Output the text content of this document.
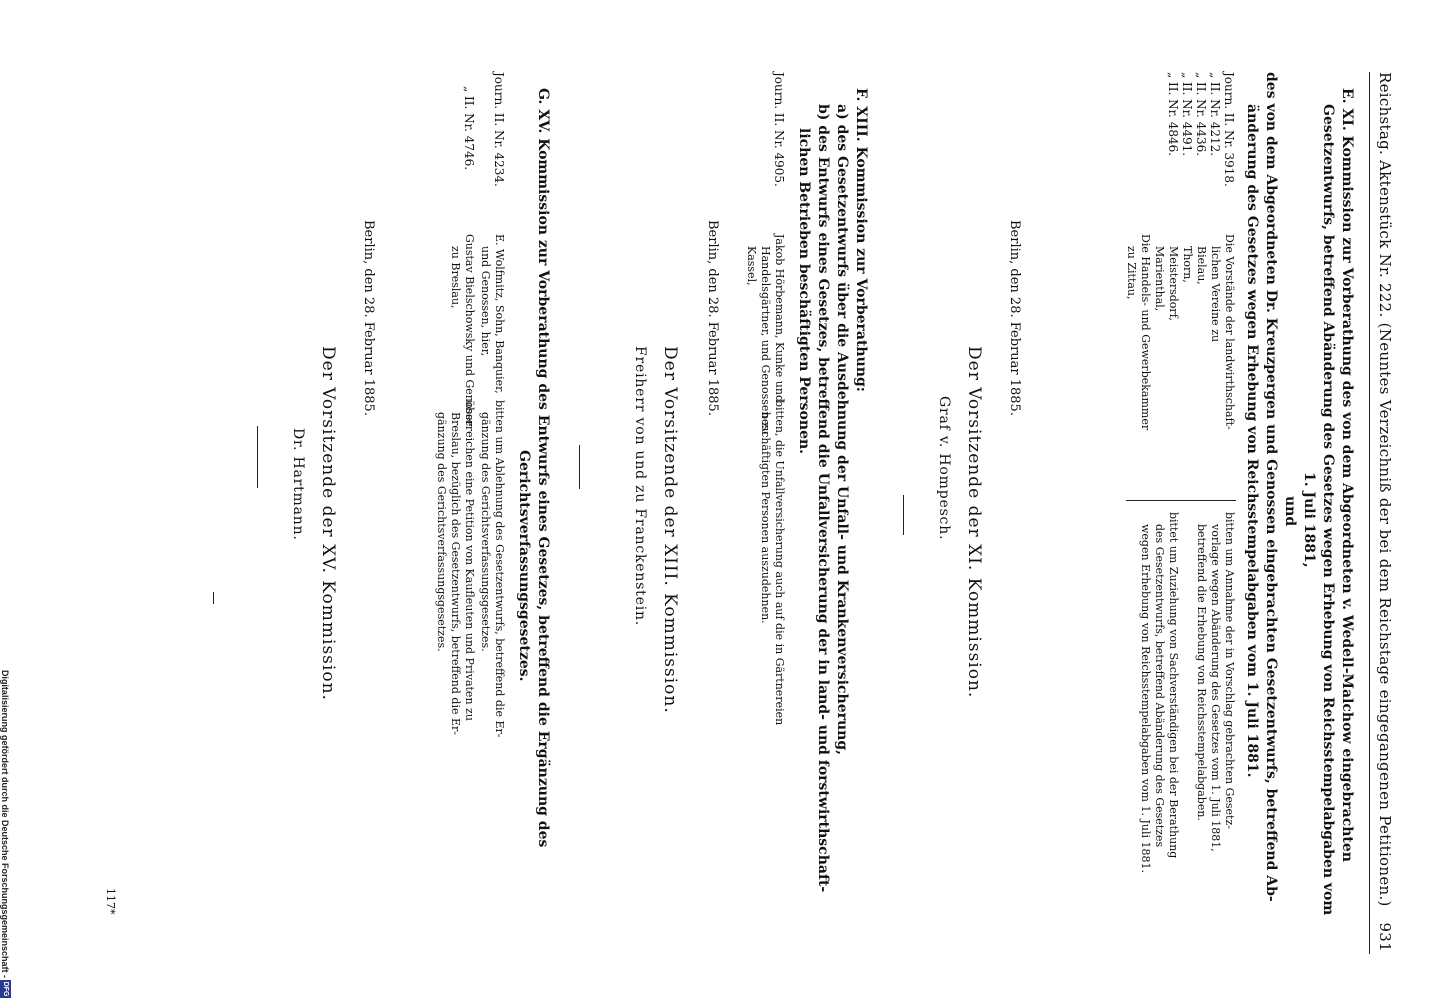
Reichstag. Aktenstück Nr. 222. (Neuntes Verzeichniß der bei dem Reichstage eingegangenen Petitionen.)
931
E. XI. Kommission zur Vorberathung des von dem Abgeordneten v. Wedell-Malchow eingebrachten
Gesetzentwurfs, betreffend Abänderung des Gesetzes wegen Erhebung von Reichsstempelabgaben vom
1. Juli 1881,
und
des von dem Abgeordneten Dr. Kreuzpergen und Genossen eingebrachten Gesetzentwurfs, betreffend Ab-
änderung des Gesetzes wegen Erhebung von Reichsstempelabgaben vom 1. Juli 1881.
Journ. II. Nr. 3918.
„ II. Nr. 4212.
„ II. Nr. 4436.
„ II. Nr. 4491.
„ II. Nr. 4846.
Die Vorstände der landwirthschaft-
lichen Vereine zu
Bielau,
Thorn,
Meistersdorf,
Marienthal,
Die Handels- und Gewerbekammer
zu Zittau,
bitten um Annahme der in Vorschlag gebrachten Gesetz-
vorlage wegen Abänderung des Gesetzes vom 1. Juli 1881,
betreffend die Erhebung von Reichsstempelabgaben.
bittet um Zuziehung von Sachverständigen bei der Berathung
des Gesetzentwurfs, betreffend Abänderung des Gesetzes
wegen Erhebung von Reichsstempelabgaben vom 1. Juli 1881.
Berlin, den 28. Februar 1885.
Der Vorsitzende der XI. Kommission.
Graf v. Hompesch.
F. XIII. Kommission zur Vorberathung:
a) des Gesetzentwurfs über die Ausdehnung der Unfall- und Krankenversicherung,
b) des Entwurfs eines Gesetzes, betreffend die Unfallversicherung der in land- und forstwirthschaft-
lichen Betrieben beschäftigten Personen.
Journ. II. Nr. 4905.
Jakob Hörbemann, Kunke und
Handelsgärtner, und Genossen zu
Kassel,
bitten, die Unfallversicherung auch auf die in Gärtnereien
beschäftigten Personen auszudehnen.
Berlin, den 28. Februar 1885.
Der Vorsitzende der XIII. Kommission.
Freiherr von und zu Franckenstein.
G. XV. Kommission zur Vorberathung des Entwurfs eines Gesetzes, betreffend die Ergänzung des
Gerichtsverfassungsgesetzes.
Journ. II. Nr. 4234.
E. Wolfmitz, Sohn, Banquier,
und Genossen, hier,
bitten um Ablehnung des Gesetzentwurfs, betreffend die Er-
gänzung des Gerichtsverfassungsgesetzes.
„ II. Nr. 4746.
Gustav Bielschowsky und Genosse
zu Breslau,
überreichen eine Petition von Kaufleuten und Privaten zu
Breslau, bezüglich des Gesetzentwurfs, betreffend die Er-
gänzung des Gerichtsverfassungsgesetzes.
Berlin, den 28. Februar 1885.
Der Vorsitzende der XV. Kommission.
Dr. Hartmann.
117*
Digitalisierung gefördert durch die Deutsche Forschungsgemeinschaft -
DFG
